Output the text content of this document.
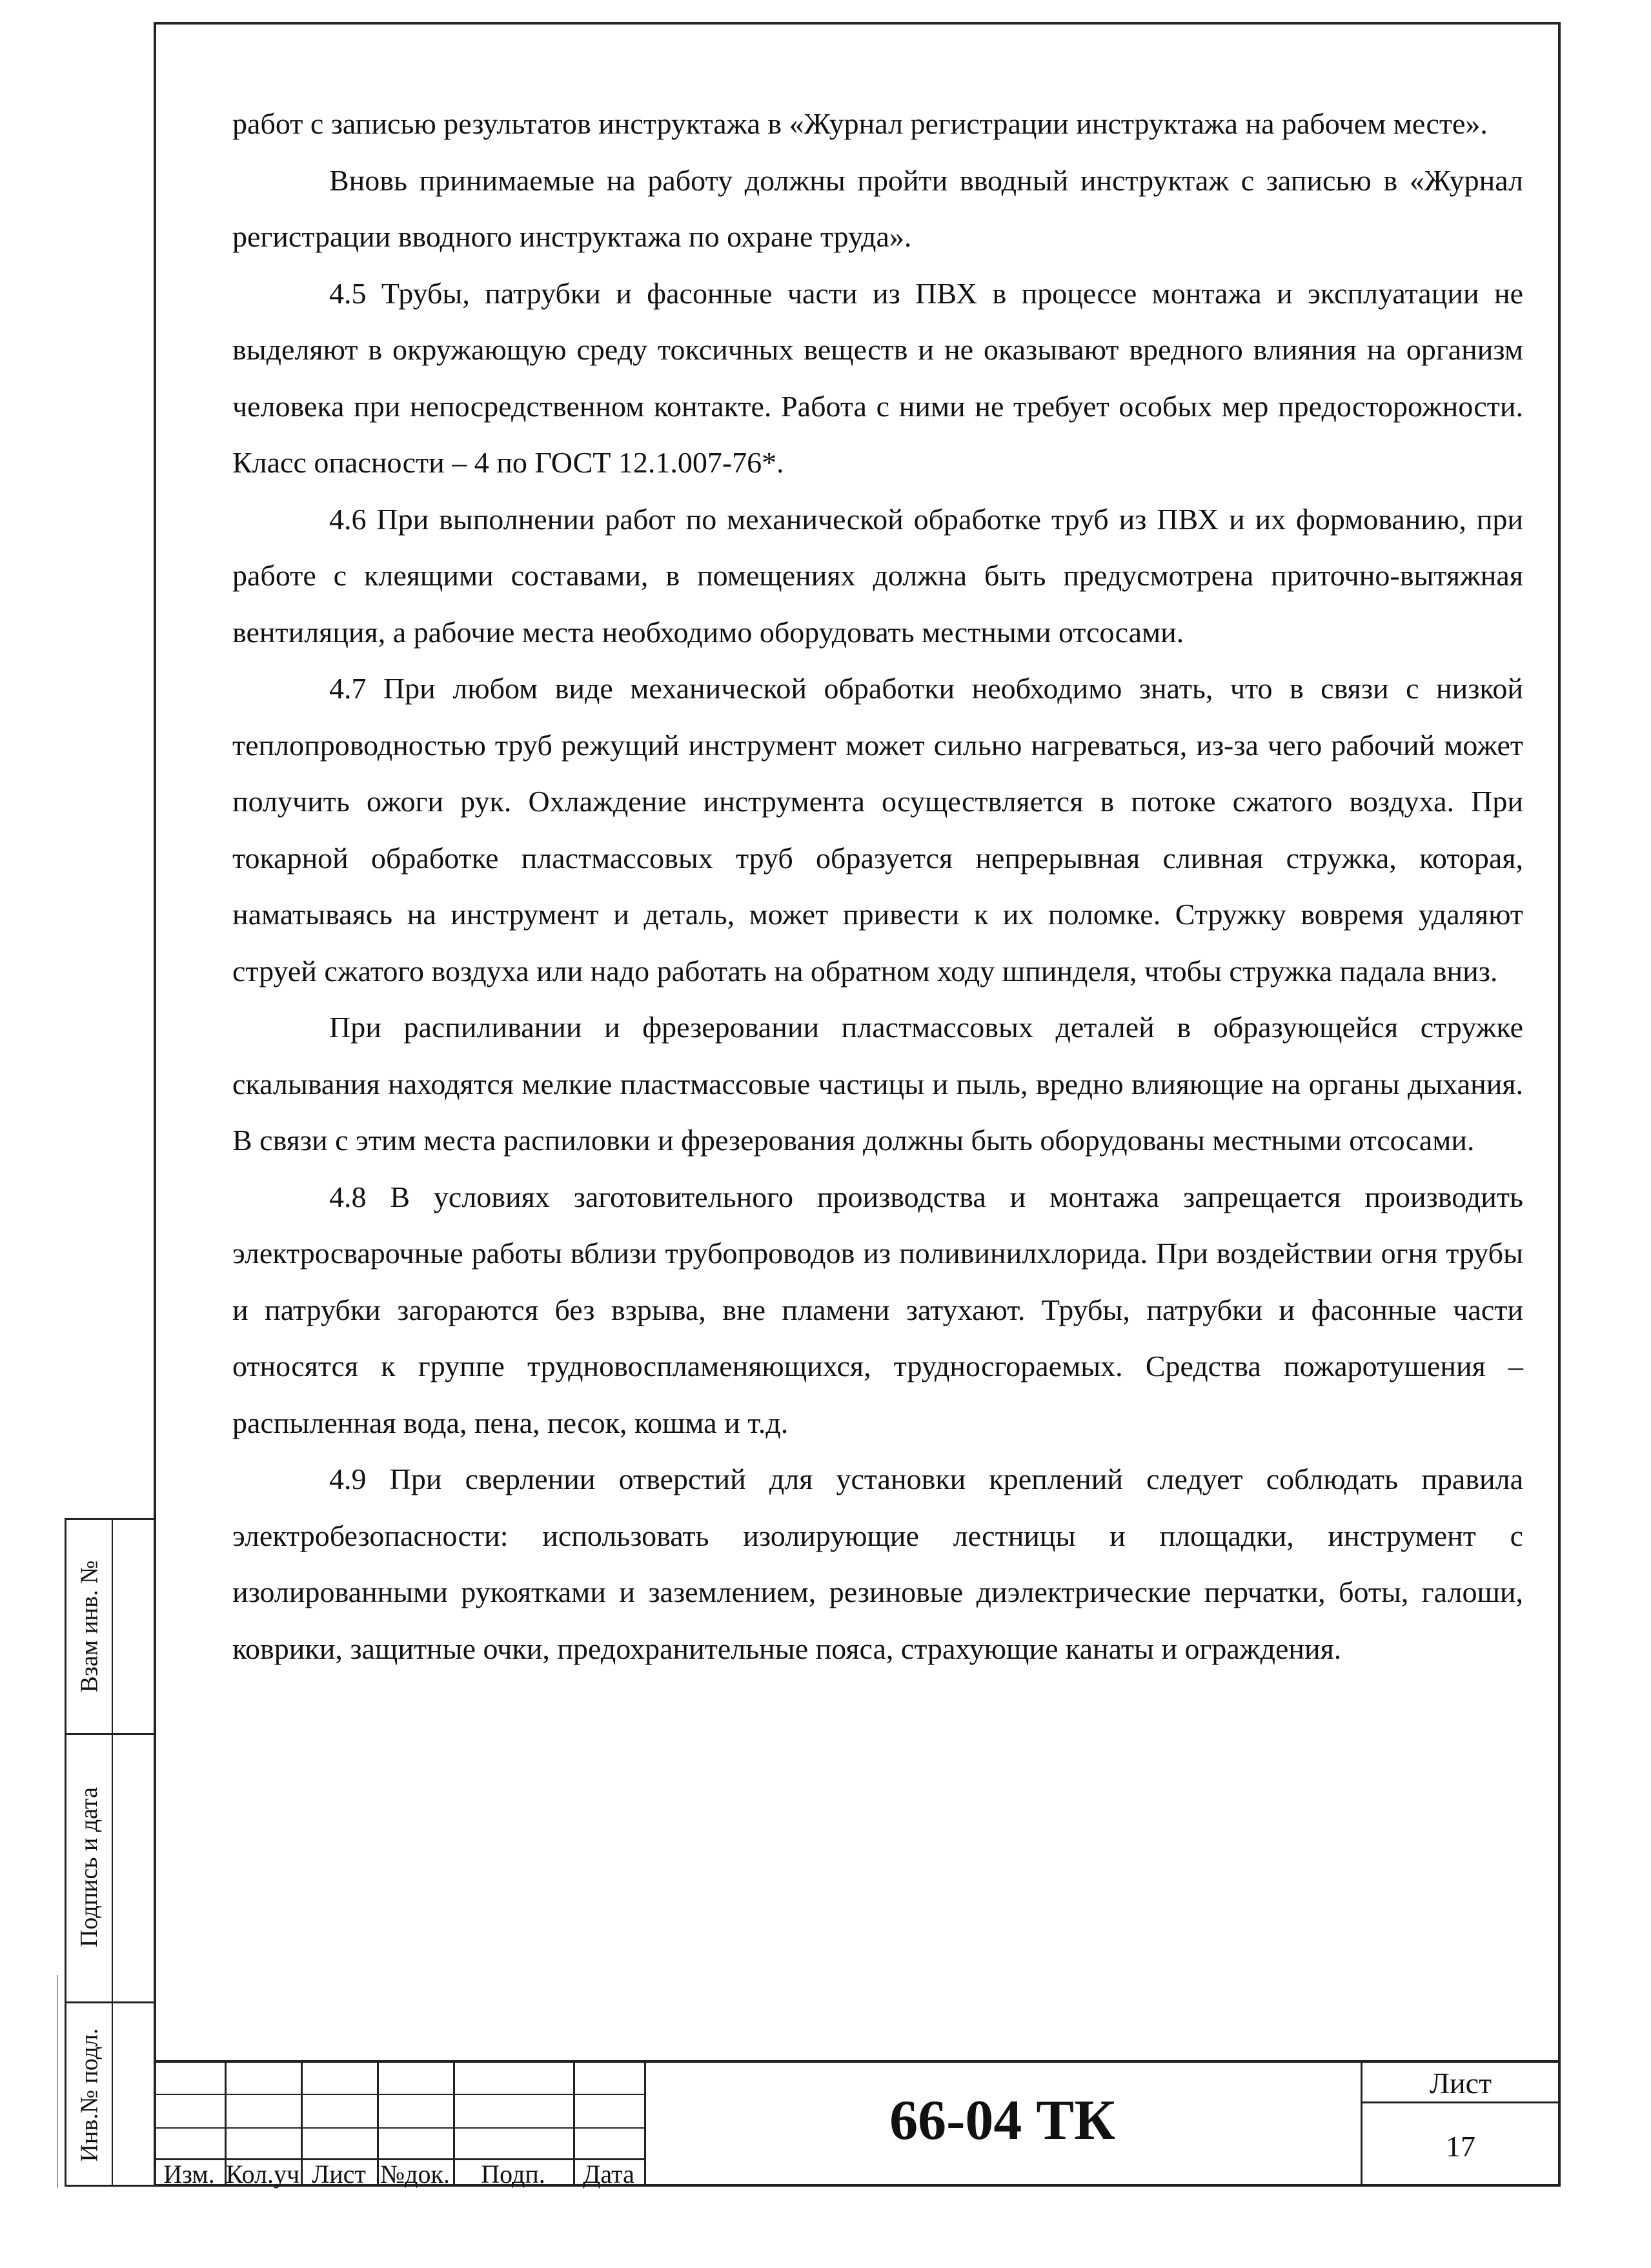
работ с записью результатов инструктажа в «Журнал регистрации инструктажа на рабочем месте».

Вновь принимаемые на работу должны пройти вводный инструктаж с записью в «Журнал регистрации вводного инструктажа по охране труда».

4.5 Трубы, патрубки и фасонные части из ПВХ в процессе монтажа и эксплуатации не выделяют в окружающую среду токсичных веществ и не оказывают вредного влияния на организм человека при непосредственном контакте. Работа с ними не требует особых мер предосторожности. Класс опасности – 4 по ГОСТ 12.1.007-76*.

4.6 При выполнении работ по механической обработке труб из ПВХ и их формованию, при работе с клеящими составами, в помещениях должна быть предусмотрена приточно-вытяжная вентиляция, а рабочие места необходимо оборудовать местными отсосами.

4.7 При любом виде механической обработки необходимо знать, что в связи с низкой теплопроводностью труб режущий инструмент может сильно нагреваться, из-за чего рабочий может получить ожоги рук. Охлаждение инструмента осуществляется в потоке сжатого воздуха. При токарной обработке пластмассовых труб образуется непрерывная сливная стружка, которая, наматываясь на инструмент и деталь, может привести к их поломке. Стружку вовремя удаляют струей сжатого воздуха или надо работать на обратном ходу шпинделя, чтобы стружка падала вниз.

При распиливании и фрезеровании пластмассовых деталей в образующейся стружке скалывания находятся мелкие пластмассовые частицы и пыль, вредно влияющие на органы дыхания. В связи с этим места распиловки и фрезерования должны быть оборудованы местными отсосами.

4.8 В условиях заготовительного производства и монтажа запрещается производить электросварочные работы вблизи трубопроводов из поливинилхлорида. При воздействии огня трубы и патрубки загораются без взрыва, вне пламени затухают. Трубы, патрубки и фасонные части относятся к группе трудновоспламеняющихся, трудносгораемых. Средства пожаротушения – распыленная вода, пена, песок, кошма и т.д.

4.9 При сверлении отверстий для установки креплений следует соблюдать правила электробезопасности: использовать изолирующие лестницы и площадки, инструмент с изолированными рукоятками и заземлением, резиновые диэлектрические перчатки, боты, галоши, коврики, защитные очки, предохранительные пояса, страхующие канаты и ограждения.

Изм. Кол.уч Лист №док.	Подп.	Дата
66-04 ТК
Лист
17
Взам инв. №
Подпись и дата
Инв.№ подл.
